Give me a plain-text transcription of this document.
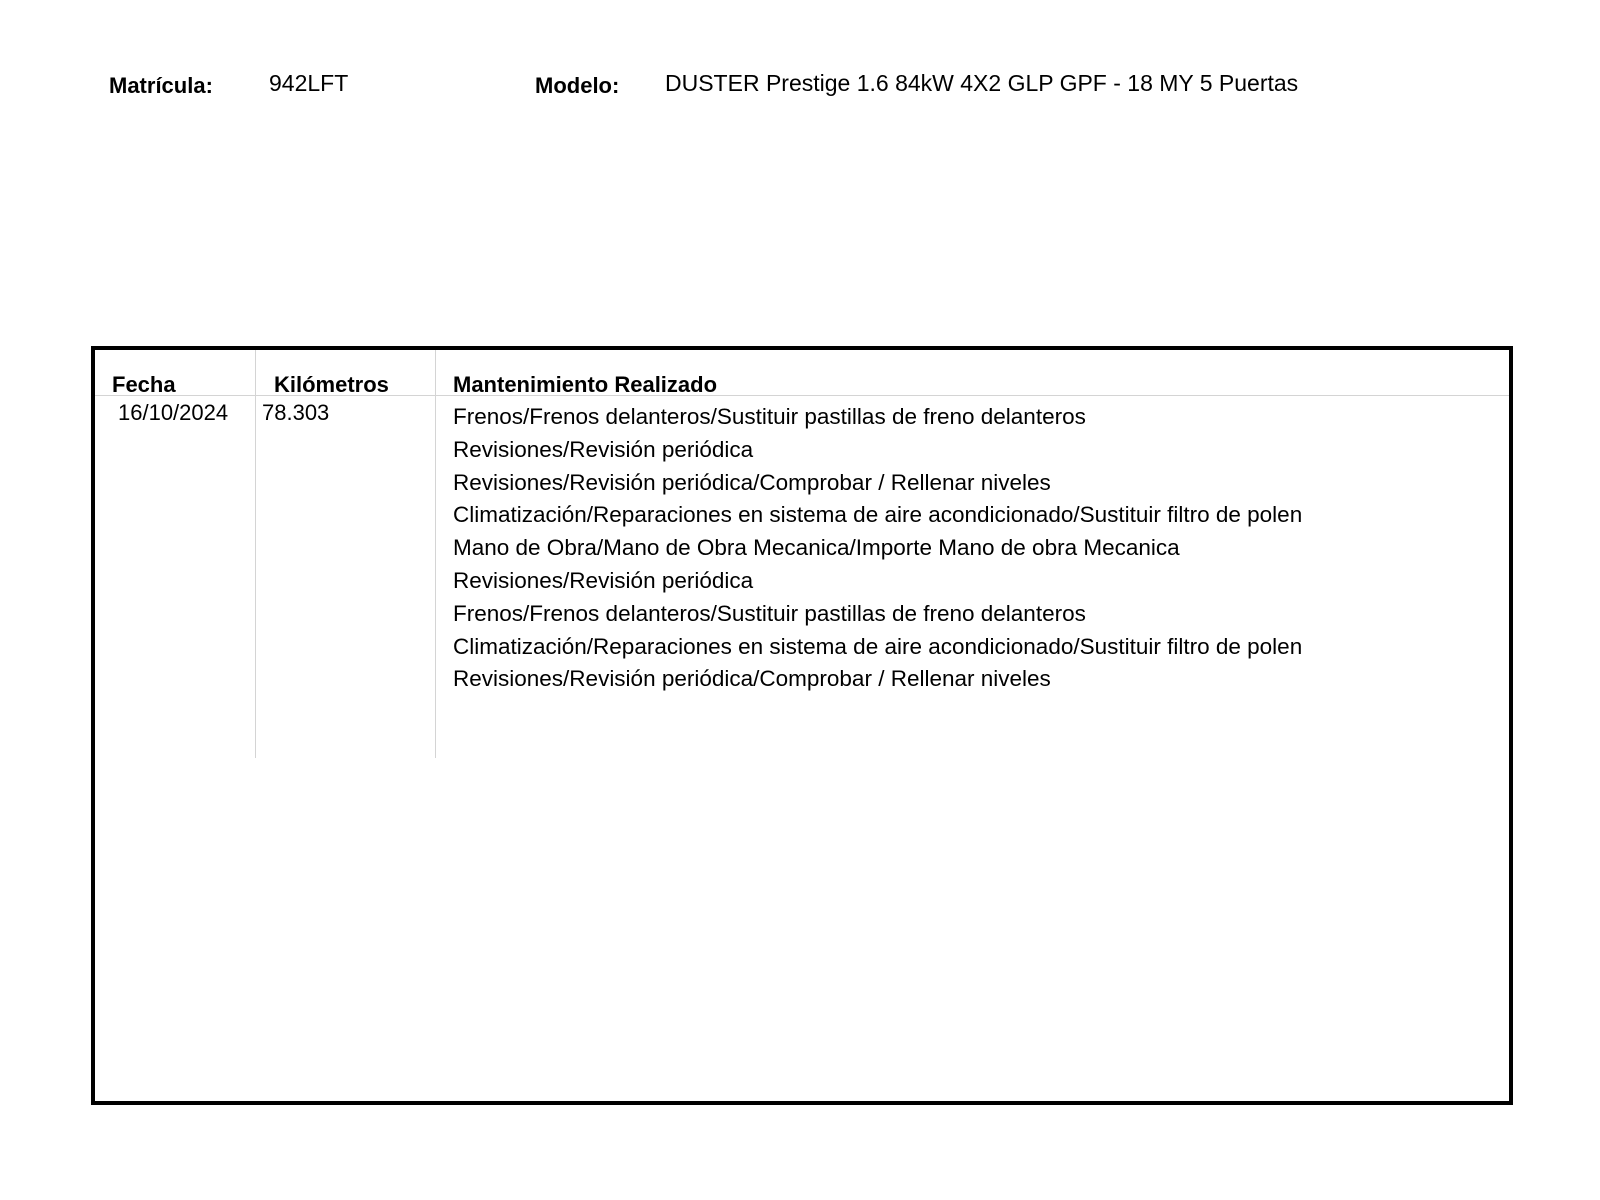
Matrícula: 942LFT	Modelo: DUSTER Prestige 1.6 84kW 4X2 GLP GPF - 18 MY 5 Puertas
Fecha	Kilómetros	Mantenimiento Realizado
16/10/2024 78.303	Frenos/Frenos delanteros/Sustituir pastillas de freno delanteros
Revisiones/Revisión periódica
Revisiones/Revisión periódica/Comprobar / Rellenar niveles
Climatización/Reparaciones en sistema de aire acondicionado/Sustituir filtro de polen
Mano de Obra/Mano de Obra Mecanica/Importe Mano de obra Mecanica
Revisiones/Revisión periódica
Frenos/Frenos delanteros/Sustituir pastillas de freno delanteros
Climatización/Reparaciones en sistema de aire acondicionado/Sustituir filtro de polen
Revisiones/Revisión periódica/Comprobar / Rellenar niveles
